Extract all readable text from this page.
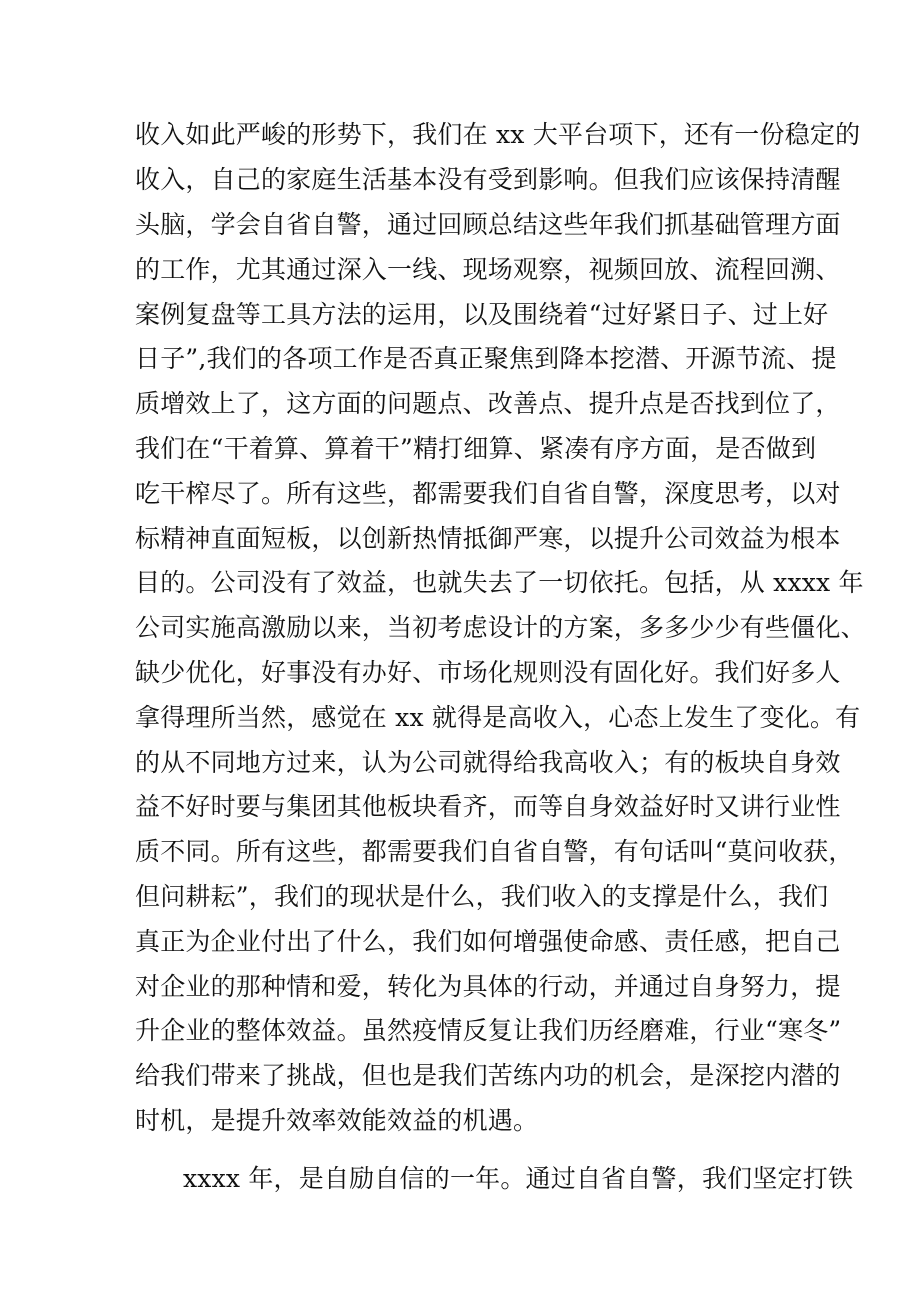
收入如此严峻的形势下，我们在 xx 大平台项下，还有一份稳定的

收入，自己的家庭生活基本没有受到影响。但我们应该保持清醒

头脑，学会自省自警，通过回顾总结这些年我们抓基础管理方面

的工作，尤其通过深入一线、现场观察，视频回放、流程回溯、

案例复盘等工具方法的运用，以及围绕着“过好紧日子、过上好

日子”,我们的各项工作是否真正聚焦到降本挖潜、开源节流、提

质增效上了，这方面的问题点、改善点、提升点是否找到位了，

我们在“干着算、算着干”精打细算、紧凑有序方面，是否做到

吃干榨尽了。所有这些，都需要我们自省自警，深度思考，以对

标精神直面短板，以创新热情抵御严寒，以提升公司效益为根本

目的。公司没有了效益，也就失去了一切依托。包括，从 xxxx 年

公司实施高激励以来，当初考虑设计的方案，多多少少有些僵化、

缺少优化，好事没有办好、市场化规则没有固化好。我们好多人

拿得理所当然，感觉在 xx 就得是高收入，心态上发生了变化。有

的从不同地方过来，认为公司就得给我高收入；有的板块自身效

益不好时要与集团其他板块看齐，而等自身效益好时又讲行业性

质不同。所有这些，都需要我们自省自警，有句话叫“莫问收获，

但问耕耘”，我们的现状是什么，我们收入的支撑是什么，我们

真正为企业付出了什么，我们如何增强使命感、责任感，把自己

对企业的那种情和爱，转化为具体的行动，并通过自身努力，提

升企业的整体效益。虽然疫情反复让我们历经磨难，行业“寒冬”

给我们带来了挑战，但也是我们苦练内功的机会，是深挖内潜的

时机，是提升效率效能效益的机遇。

xxxx 年，是自励自信的一年。通过自省自警，我们坚定打铁
